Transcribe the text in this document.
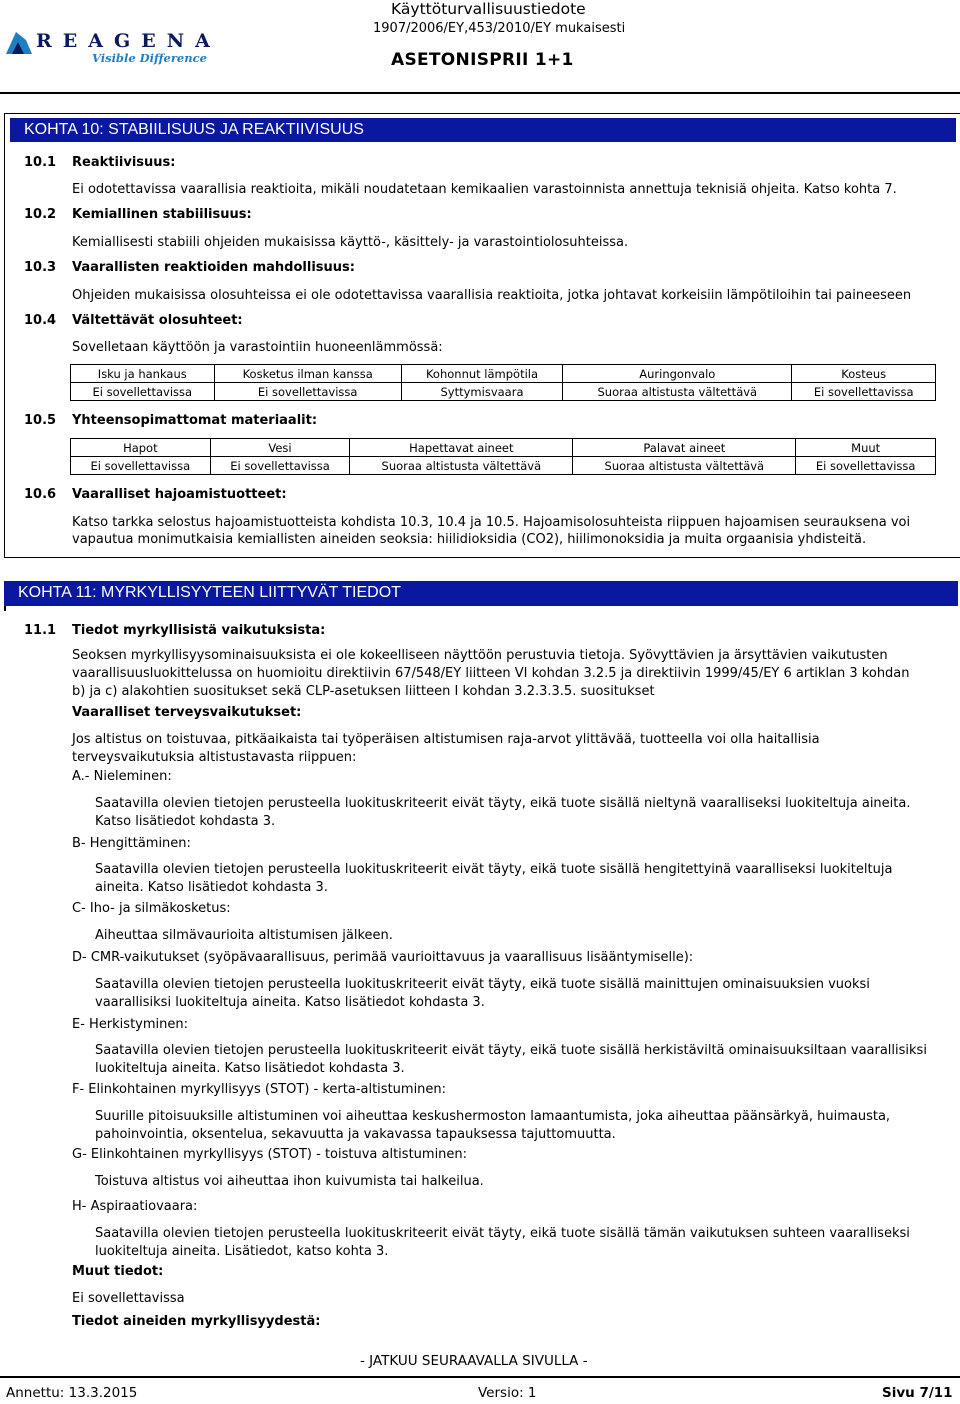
REAGENA
Visible Difference
Käyttöturvallisuustiedote
1907/2006/EY,453/2010/EY mukaisesti
ASETONISPRII 1+1
KOHTA 10: STABIILISUUS JA REAKTIIVISUUS
10.1 Reaktiivisuus:
Ei odotettavissa vaarallisia reaktioita, mikäli noudatetaan kemikaalien varastoinnista annettuja teknisiä ohjeita. Katso kohta 7.
10.2 Kemiallinen stabiilisuus:
Kemiallisesti stabiili ohjeiden mukaisissa käyttö-, käsittely- ja varastointiolosuhteissa.
10.3 Vaarallisten reaktioiden mahdollisuus:
Ohjeiden mukaisissa olosuhteissa ei ole odotettavissa vaarallisia reaktioita, jotka johtavat korkeisiin lämpötiloihin tai paineeseen
10.4 Vältettävät olosuhteet:
Sovelletaan käyttöön ja varastointiin huoneenlämmössä:
Isku ja hankaus	Kosketus ilman kanssa	Kohonnut lämpötila	Auringonvalo	Kosteus
Ei sovellettavissa	Ei sovellettavissa	Syttymisvaara	Suoraa altistusta vältettävä	Ei sovellettavissa
10.5 Yhteensopimattomat materiaalit:
Hapot	Vesi	Hapettavat aineet	Palavat aineet	Muut
Ei sovellettavissa	Ei sovellettavissa	Suoraa altistusta vältettävä	Suoraa altistusta vältettävä	Ei sovellettavissa
10.6 Vaaralliset hajoamistuotteet:
Katso tarkka selostus hajoamistuotteista kohdista 10.3, 10.4 ja 10.5. Hajoamisolosuhteista riippuen hajoamisen seurauksena voi
vapautua monimutkaisia kemiallisten aineiden seoksia: hiilidioksidia (CO2), hiilimonoksidia ja muita orgaanisia yhdisteitä.
KOHTA 11: MYRKYLLISYYTEEN LIITTYVÄT TIEDOT
11.1 Tiedot myrkyllisistä vaikutuksista:
Seoksen myrkyllisyysominaisuuksista ei ole kokeelliseen näyttöön perustuvia tietoja. Syövyttävien ja ärsyttävien vaikutusten
vaarallisuusluokittelussa on huomioitu direktiivin 67/548/EY liitteen VI kohdan 3.2.5 ja direktiivin 1999/45/EY 6 artiklan 3 kohdan
b) ja c) alakohtien suositukset sekä CLP-asetuksen liitteen I kohdan 3.2.3.3.5. suositukset
Vaaralliset terveysvaikutukset:
Jos altistus on toistuvaa, pitkäaikaista tai työperäisen altistumisen raja-arvot ylittävää, tuotteella voi olla haitallisia
terveysvaikutuksia altistustavasta riippuen:
A.- Nieleminen:
Saatavilla olevien tietojen perusteella luokituskriteerit eivät täyty, eikä tuote sisällä nieltynä vaaralliseksi luokiteltuja aineita.
Katso lisätiedot kohdasta 3.
B- Hengittäminen:
Saatavilla olevien tietojen perusteella luokituskriteerit eivät täyty, eikä tuote sisällä hengitettyinä vaaralliseksi luokiteltuja
aineita. Katso lisätiedot kohdasta 3.
C- Iho- ja silmäkosketus:
Aiheuttaa silmävaurioita altistumisen jälkeen.
D- CMR-vaikutukset (syöpävaarallisuus, perimää vaurioittavuus ja vaarallisuus lisääntymiselle):
Saatavilla olevien tietojen perusteella luokituskriteerit eivät täyty, eikä tuote sisällä mainittujen ominaisuuksien vuoksi
vaarallisiksi luokiteltuja aineita. Katso lisätiedot kohdasta 3.
E- Herkistyminen:
Saatavilla olevien tietojen perusteella luokituskriteerit eivät täyty, eikä tuote sisällä herkistäviltä ominaisuuksiltaan vaarallisiksi
luokiteltuja aineita. Katso lisätiedot kohdasta 3.
F- Elinkohtainen myrkyllisyys (STOT) - kerta-altistuminen:
Suurille pitoisuuksille altistuminen voi aiheuttaa keskushermoston lamaantumista, joka aiheuttaa päänsärkyä, huimausta,
pahoinvointia, oksentelua, sekavuutta ja vakavassa tapauksessa tajuttomuutta.
G- Elinkohtainen myrkyllisyys (STOT) - toistuva altistuminen:
Toistuva altistus voi aiheuttaa ihon kuivumista tai halkeilua.
H- Aspiraatiovaara:
Saatavilla olevien tietojen perusteella luokituskriteerit eivät täyty, eikä tuote sisällä tämän vaikutuksen suhteen vaaralliseksi
luokiteltuja aineita. Lisätiedot, katso kohta 3.
Muut tiedot:
Ei sovellettavissa
Tiedot aineiden myrkyllisyydestä:
- JATKUU SEURAAVALLA SIVULLA -
Annettu: 13.3.2015	Versio: 1	Sivu 7/11
